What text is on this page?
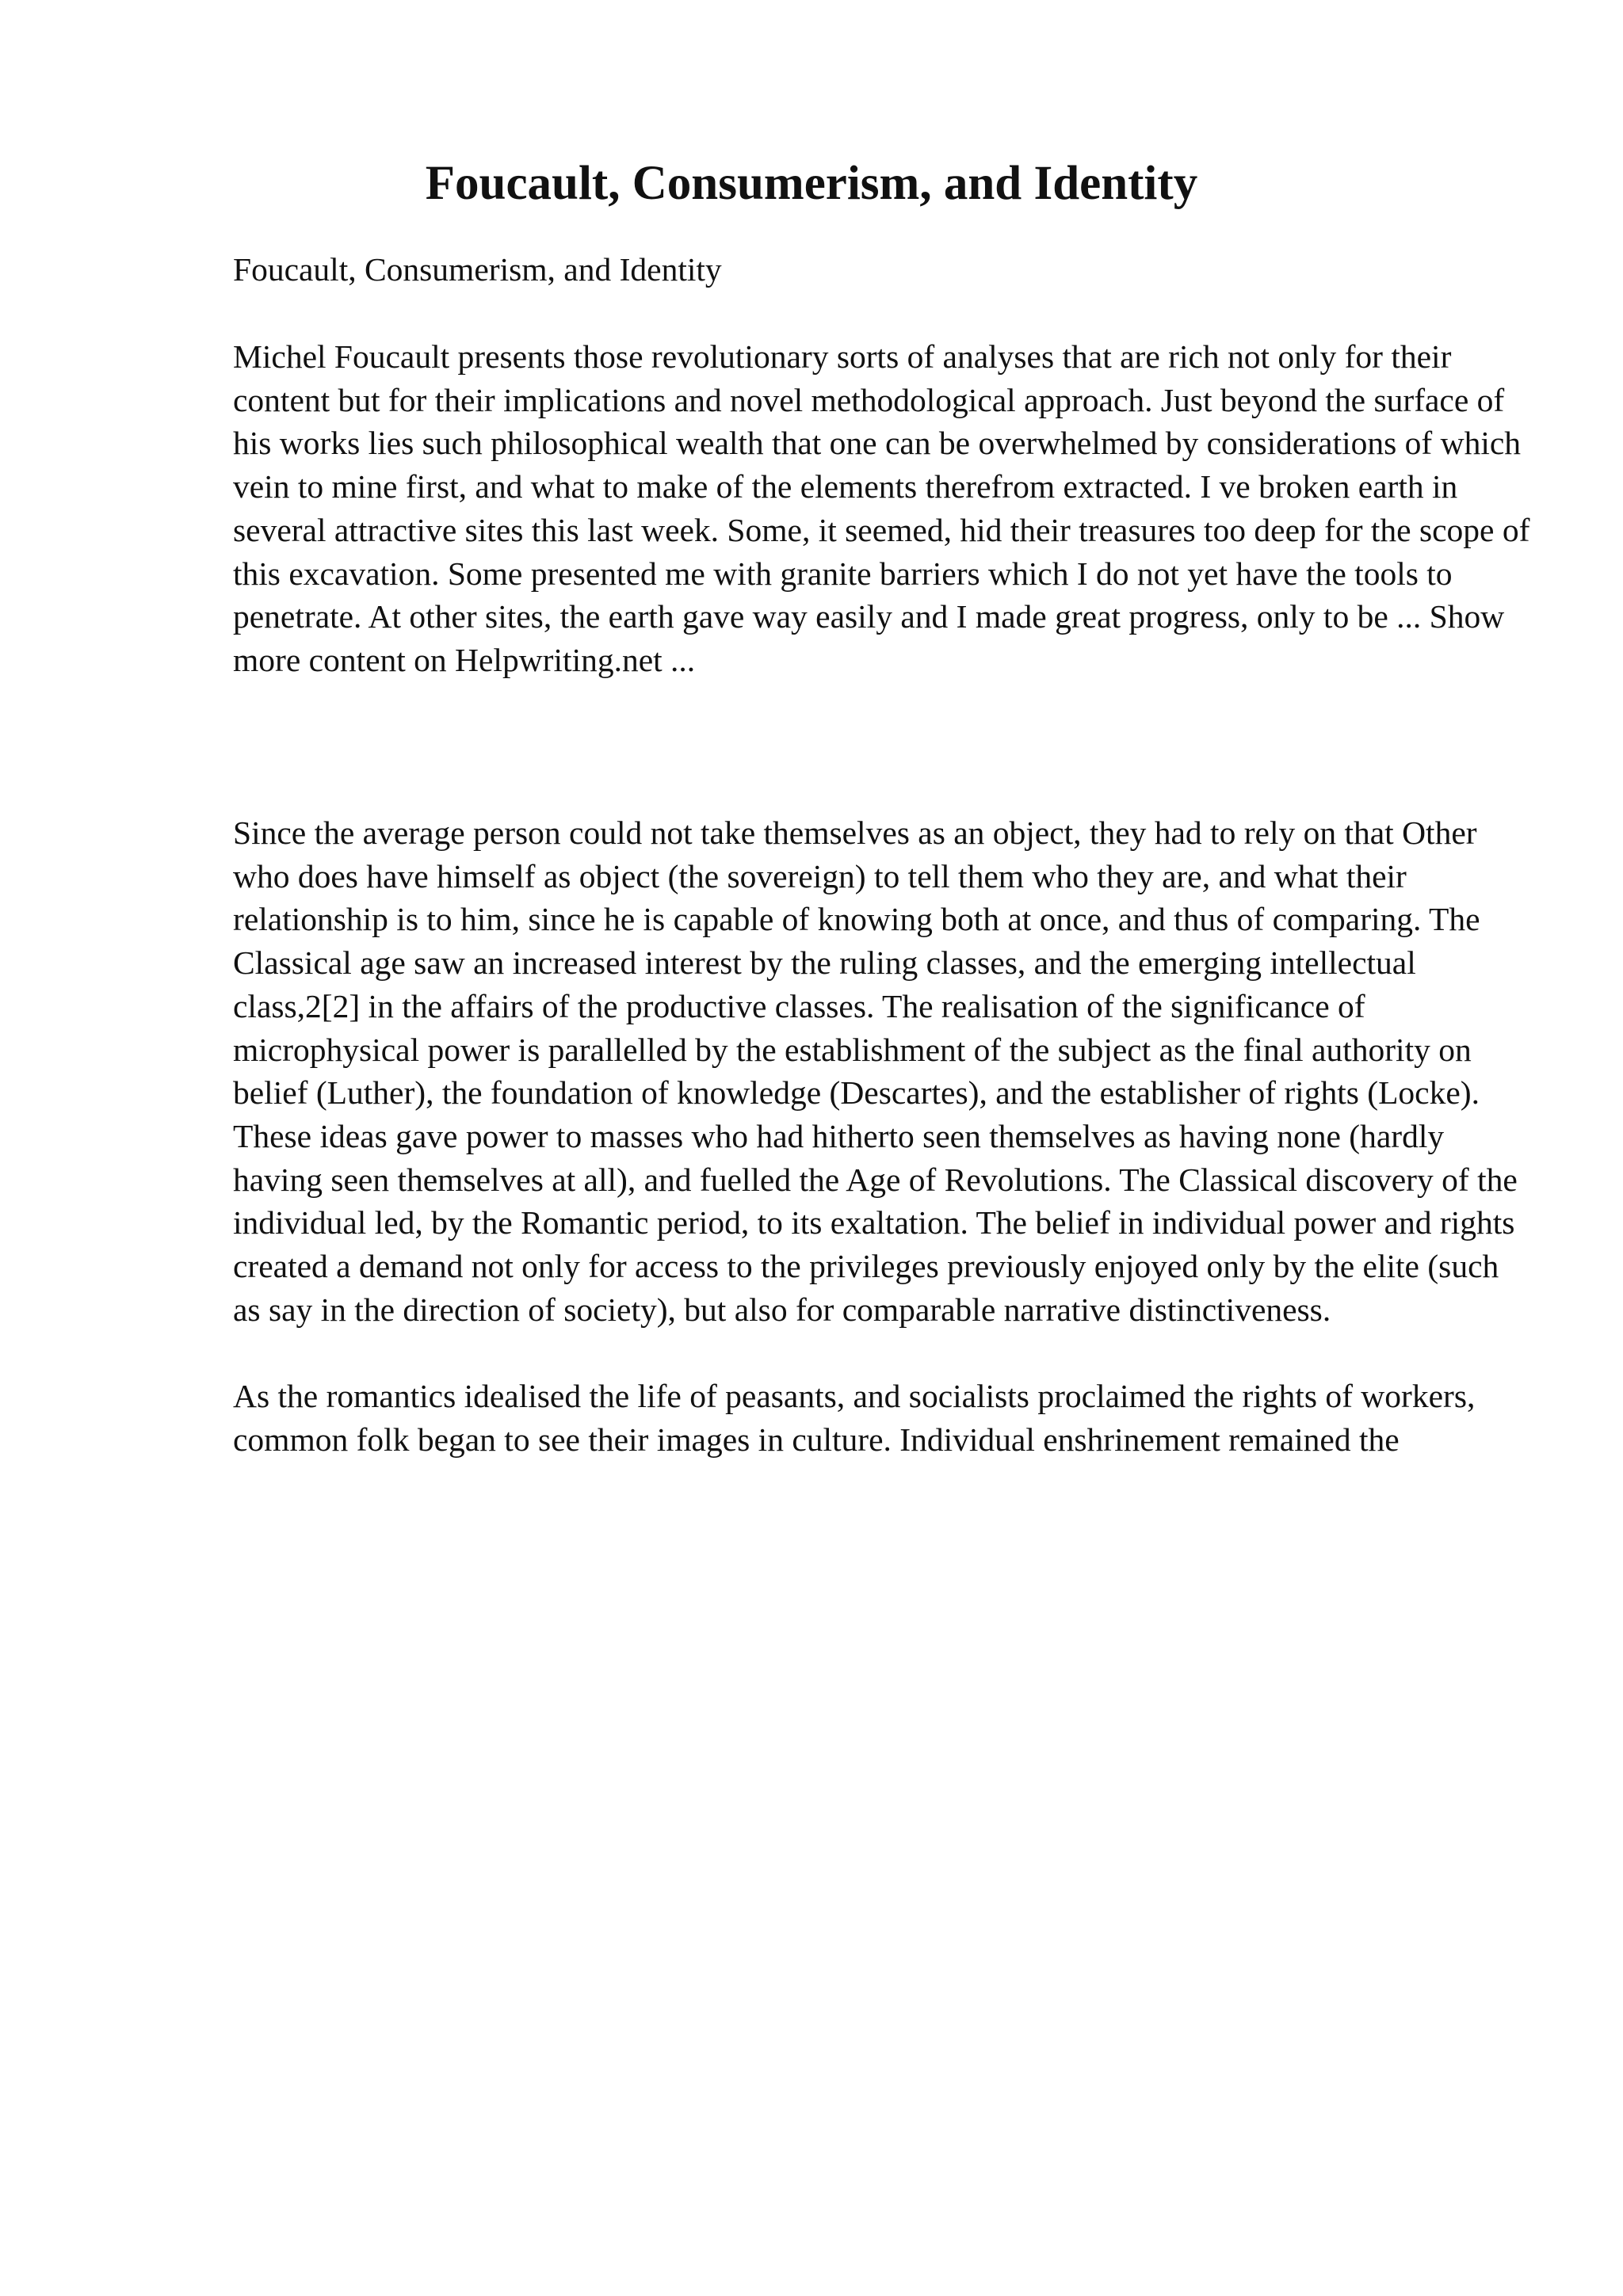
Foucault, Consumerism, and Identity

Foucault, Consumerism, and Identity

Michel Foucault presents those revolutionary sorts of analyses that are rich not only for their content but for their implications and novel methodological approach. Just beyond the surface of his works lies such philosophical wealth that one can be overwhelmed by considerations of which vein to mine first, and what to make of the elements therefrom extracted. I ve broken earth in several attractive sites this last week. Some, it seemed, hid their treasures too deep for the scope of this excavation. Some presented me with granite barriers which I do not yet have the tools to penetrate. At other sites, the earth gave way easily and I made great progress, only to be ... Show more content on Helpwriting.net ...

Since the average person could not take themselves as an object, they had to rely on that Other who does have himself as object (the sovereign) to tell them who they are, and what their relationship is to him, since he is capable of knowing both at once, and thus of comparing. The Classical age saw an increased interest by the ruling classes, and the emerging intellectual class,2[2] in the affairs of the productive classes. The realisation of the significance of microphysical power is parallelled by the establishment of the subject as the final authority on belief (Luther), the foundation of knowledge (Descartes), and the establisher of rights (Locke). These ideas gave power to masses who had hitherto seen themselves as having none (hardly having seen themselves at all), and fuelled the Age of Revolutions. The Classical discovery of the individual led, by the Romantic period, to its exaltation. The belief in individual power and rights created a demand not only for access to the privileges previously enjoyed only by the elite (such as say in the direction of society), but also for comparable narrative distinctiveness.

As the romantics idealised the life of peasants, and socialists proclaimed the rights of workers, common folk began to see their images in culture. Individual enshrinement remained the
